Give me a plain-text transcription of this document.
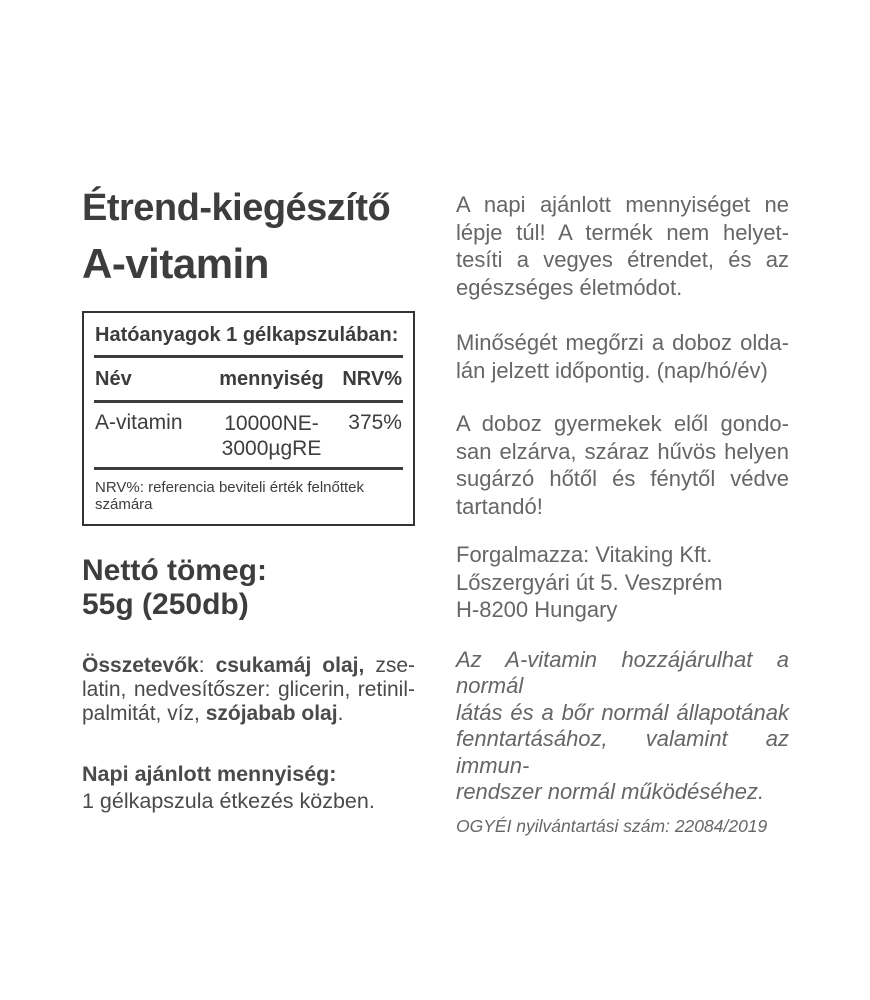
Étrend-kiegészítő
A-vitamin
Hatóanyagok 1 gélkapszulában:
Név	mennyiség NRV%
A-vitamin	10000NE-
3000µgRE
375%
NRV%: referencia beviteli érték felnőttek számára
Nettó tömeg:
55g (250db)
Összetevők: csukamáj olaj, zse-
latin, nedvesítőszer: glicerin, retinil-
palmitát, víz, szójabab olaj.
Napi ajánlott mennyiség:
1 gélkapszula étkezés közben.
A napi ajánlott mennyiséget ne
lépje túl! A termék nem helyet-
tesíti a vegyes étrendet, és az
egészséges életmódot.
Minőségét megőrzi a doboz olda-
lán jelzett időpontig. (nap/hó/év)
A doboz gyermekek elől gondo-
san elzárva, száraz hűvös helyen
sugárzó hőtől és fénytől védve
tartandó!
Forgalmazza: Vitaking Kft.
Lőszergyári út 5. Veszprém
H-8200 Hungary
Az A-vitamin hozzájárulhat a normál
látás és a bőr normál állapotának
fenntartásához, valamint az immun-
rendszer normál működéséhez.
OGYÉI nyilvántartási szám: 22084/2019
